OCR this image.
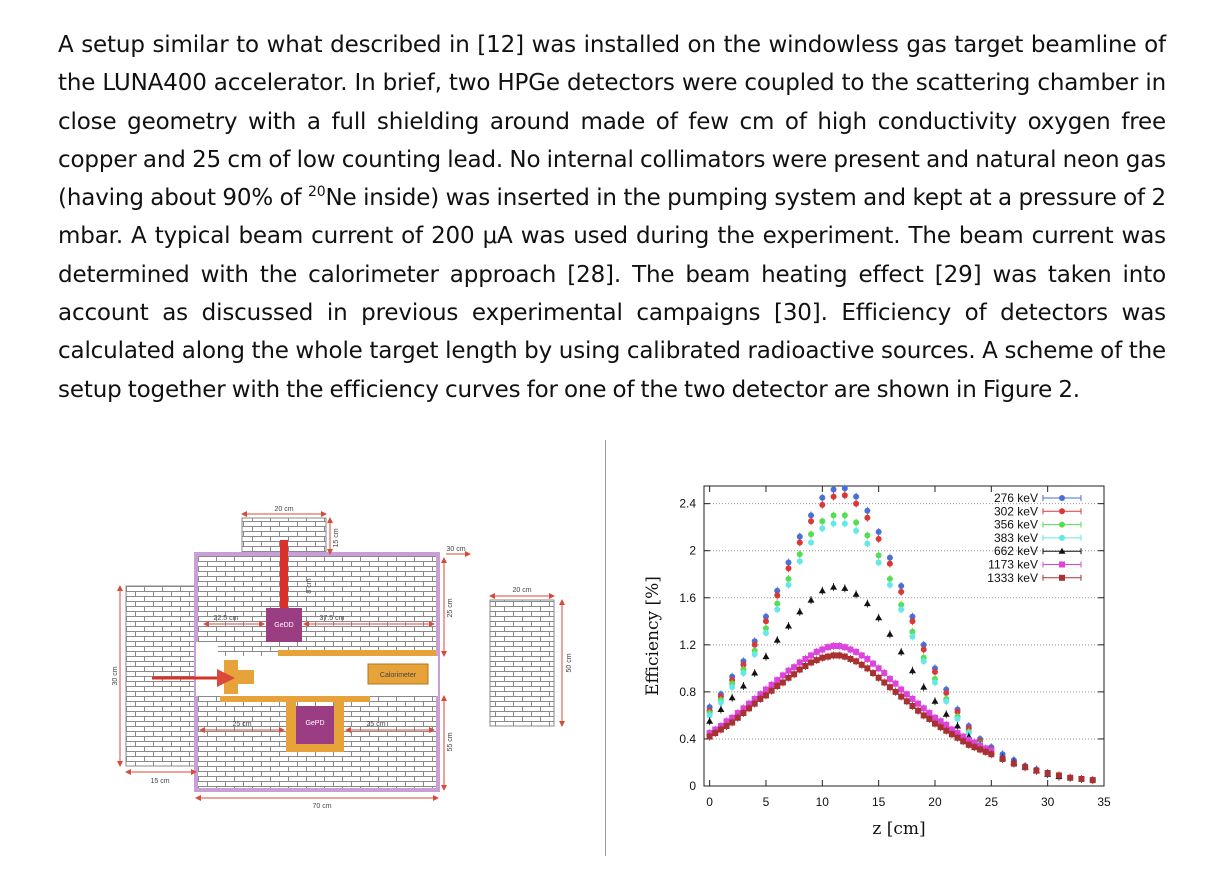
A setup similar to what described in [12] was installed on the windowless gas target beamline of the LUNA400 accelerator. In brief, two HPGe detectors were coupled to the scattering chamber in close geometry with a full shielding around made of few cm of high conductivity oxygen free copper and 25 cm of low counting lead. No internal collimators were present and natural neon gas (having about 90% of $^{20}$Ne inside) was inserted in the pumping system and kept at a pressure of 2 mbar. A typical beam current of 200 μA was used during the experiment. The beam current was determined with the calorimeter approach [28]. The beam heating effect [29] was taken into account as discussed in previous experimental campaigns [30]. Efficiency of detectors was calculated along the whole target length by using calibrated radioactive sources. A scheme of the setup together with the efficiency curves for one of the two detector are shown in Figure 2.

Calorimeter
GeDD
GePD
20 cm
15 cm
30 cm
25 cm
8 cm
22.5 cm	37.5 cm
30 cm
25 cm	25 cm
55 cm
15 cm
70 cm
20 cm
50 cm
0
0.4
0.8
1.2
1.6
2
2.4
0	5	10	15	20	25	30	35
276 keV
302 keV
356 keV
383 keV
662 keV
1173 keV
1333 keV
z [cm]
Efficiency [%]
